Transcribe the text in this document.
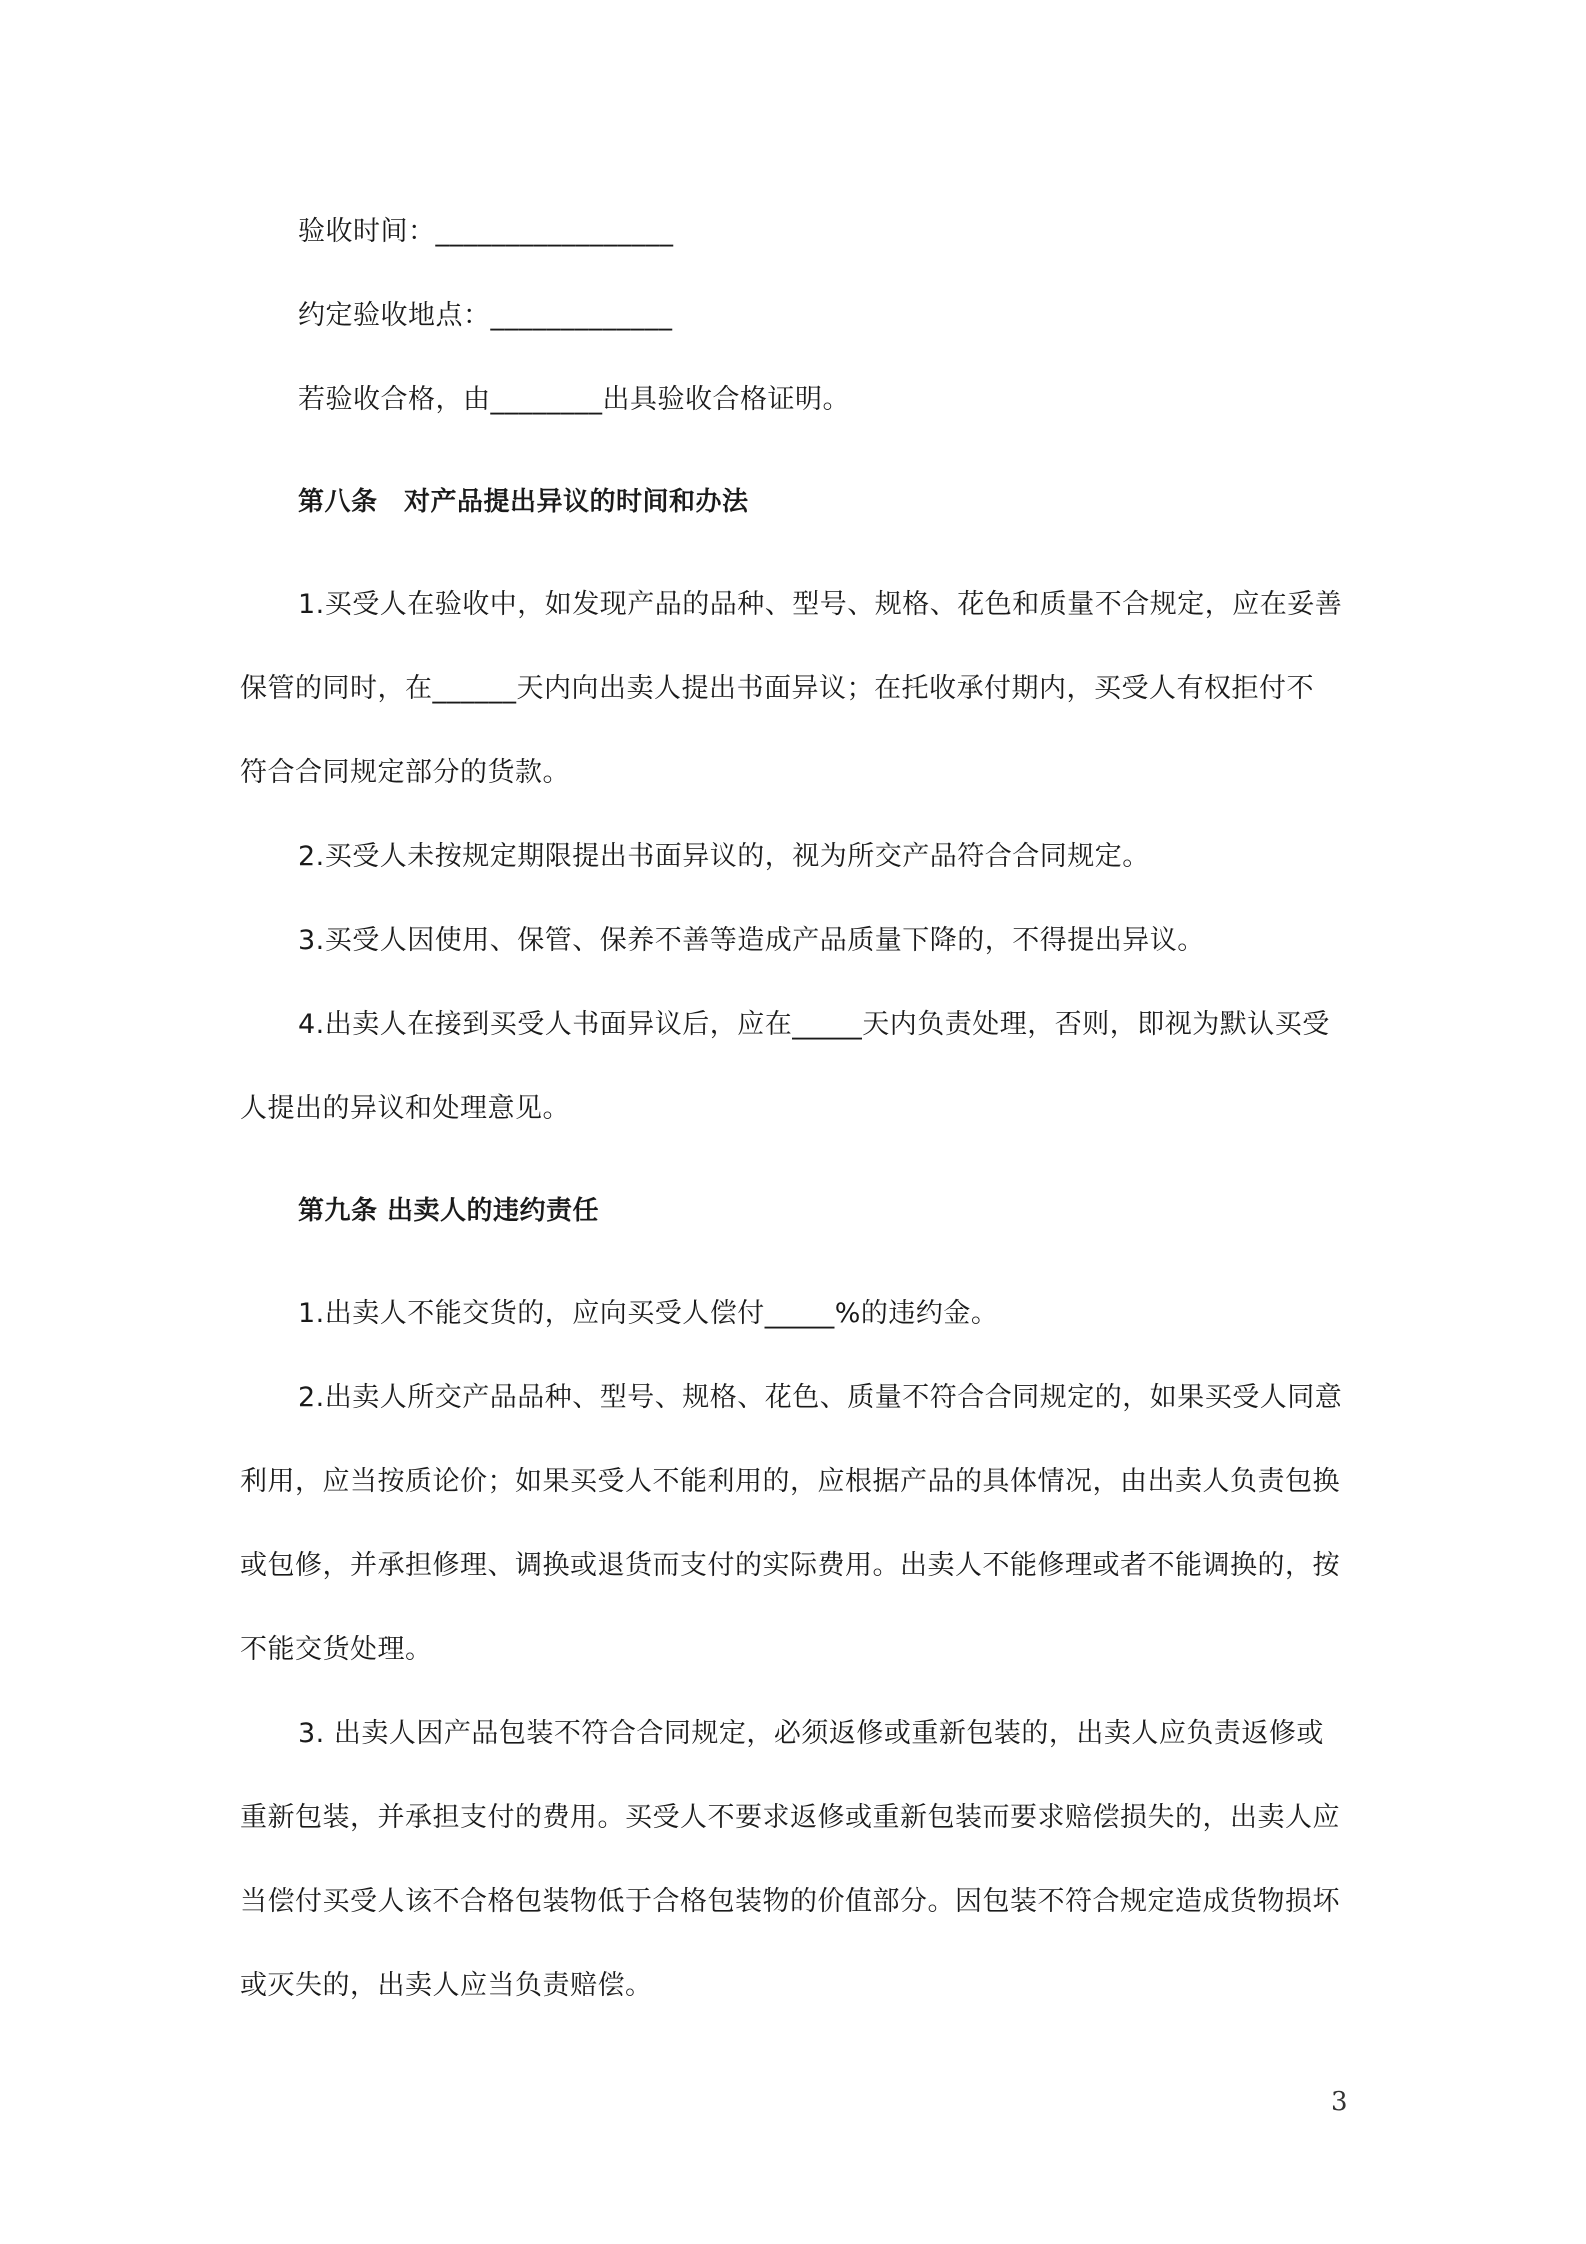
验收时间：_________________
约定验收地点：_____________
若验收合格，由________出具验收合格证明。
第八条　对产品提出异议的时间和办法
1.买受人在验收中，如发现产品的品种、型号、规格、花色和质量不合规定，应在妥善
保管的同时，在______天内向出卖人提出书面异议；在托收承付期内，买受人有权拒付不
符合合同规定部分的货款。
2.买受人未按规定期限提出书面异议的，视为所交产品符合合同规定。
3.买受人因使用、保管、保养不善等造成产品质量下降的，不得提出异议。
4.出卖人在接到买受人书面异议后，应在_____天内负责处理，否则，即视为默认买受
人提出的异议和处理意见。
第九条 出卖人的违约责任
1.出卖人不能交货的，应向买受人偿付_____%的违约金。
2.出卖人所交产品品种、型号、规格、花色、质量不符合合同规定的，如果买受人同意
利用，应当按质论价；如果买受人不能利用的，应根据产品的具体情况，由出卖人负责包换
或包修，并承担修理、调换或退货而支付的实际费用。出卖人不能修理或者不能调换的，按
不能交货处理。
3. 出卖人因产品包装不符合合同规定，必须返修或重新包装的，出卖人应负责返修或
重新包装，并承担支付的费用。买受人不要求返修或重新包装而要求赔偿损失的，出卖人应
当偿付买受人该不合格包装物低于合格包装物的价值部分。因包装不符合规定造成货物损坏
或灭失的，出卖人应当负责赔偿。
3
